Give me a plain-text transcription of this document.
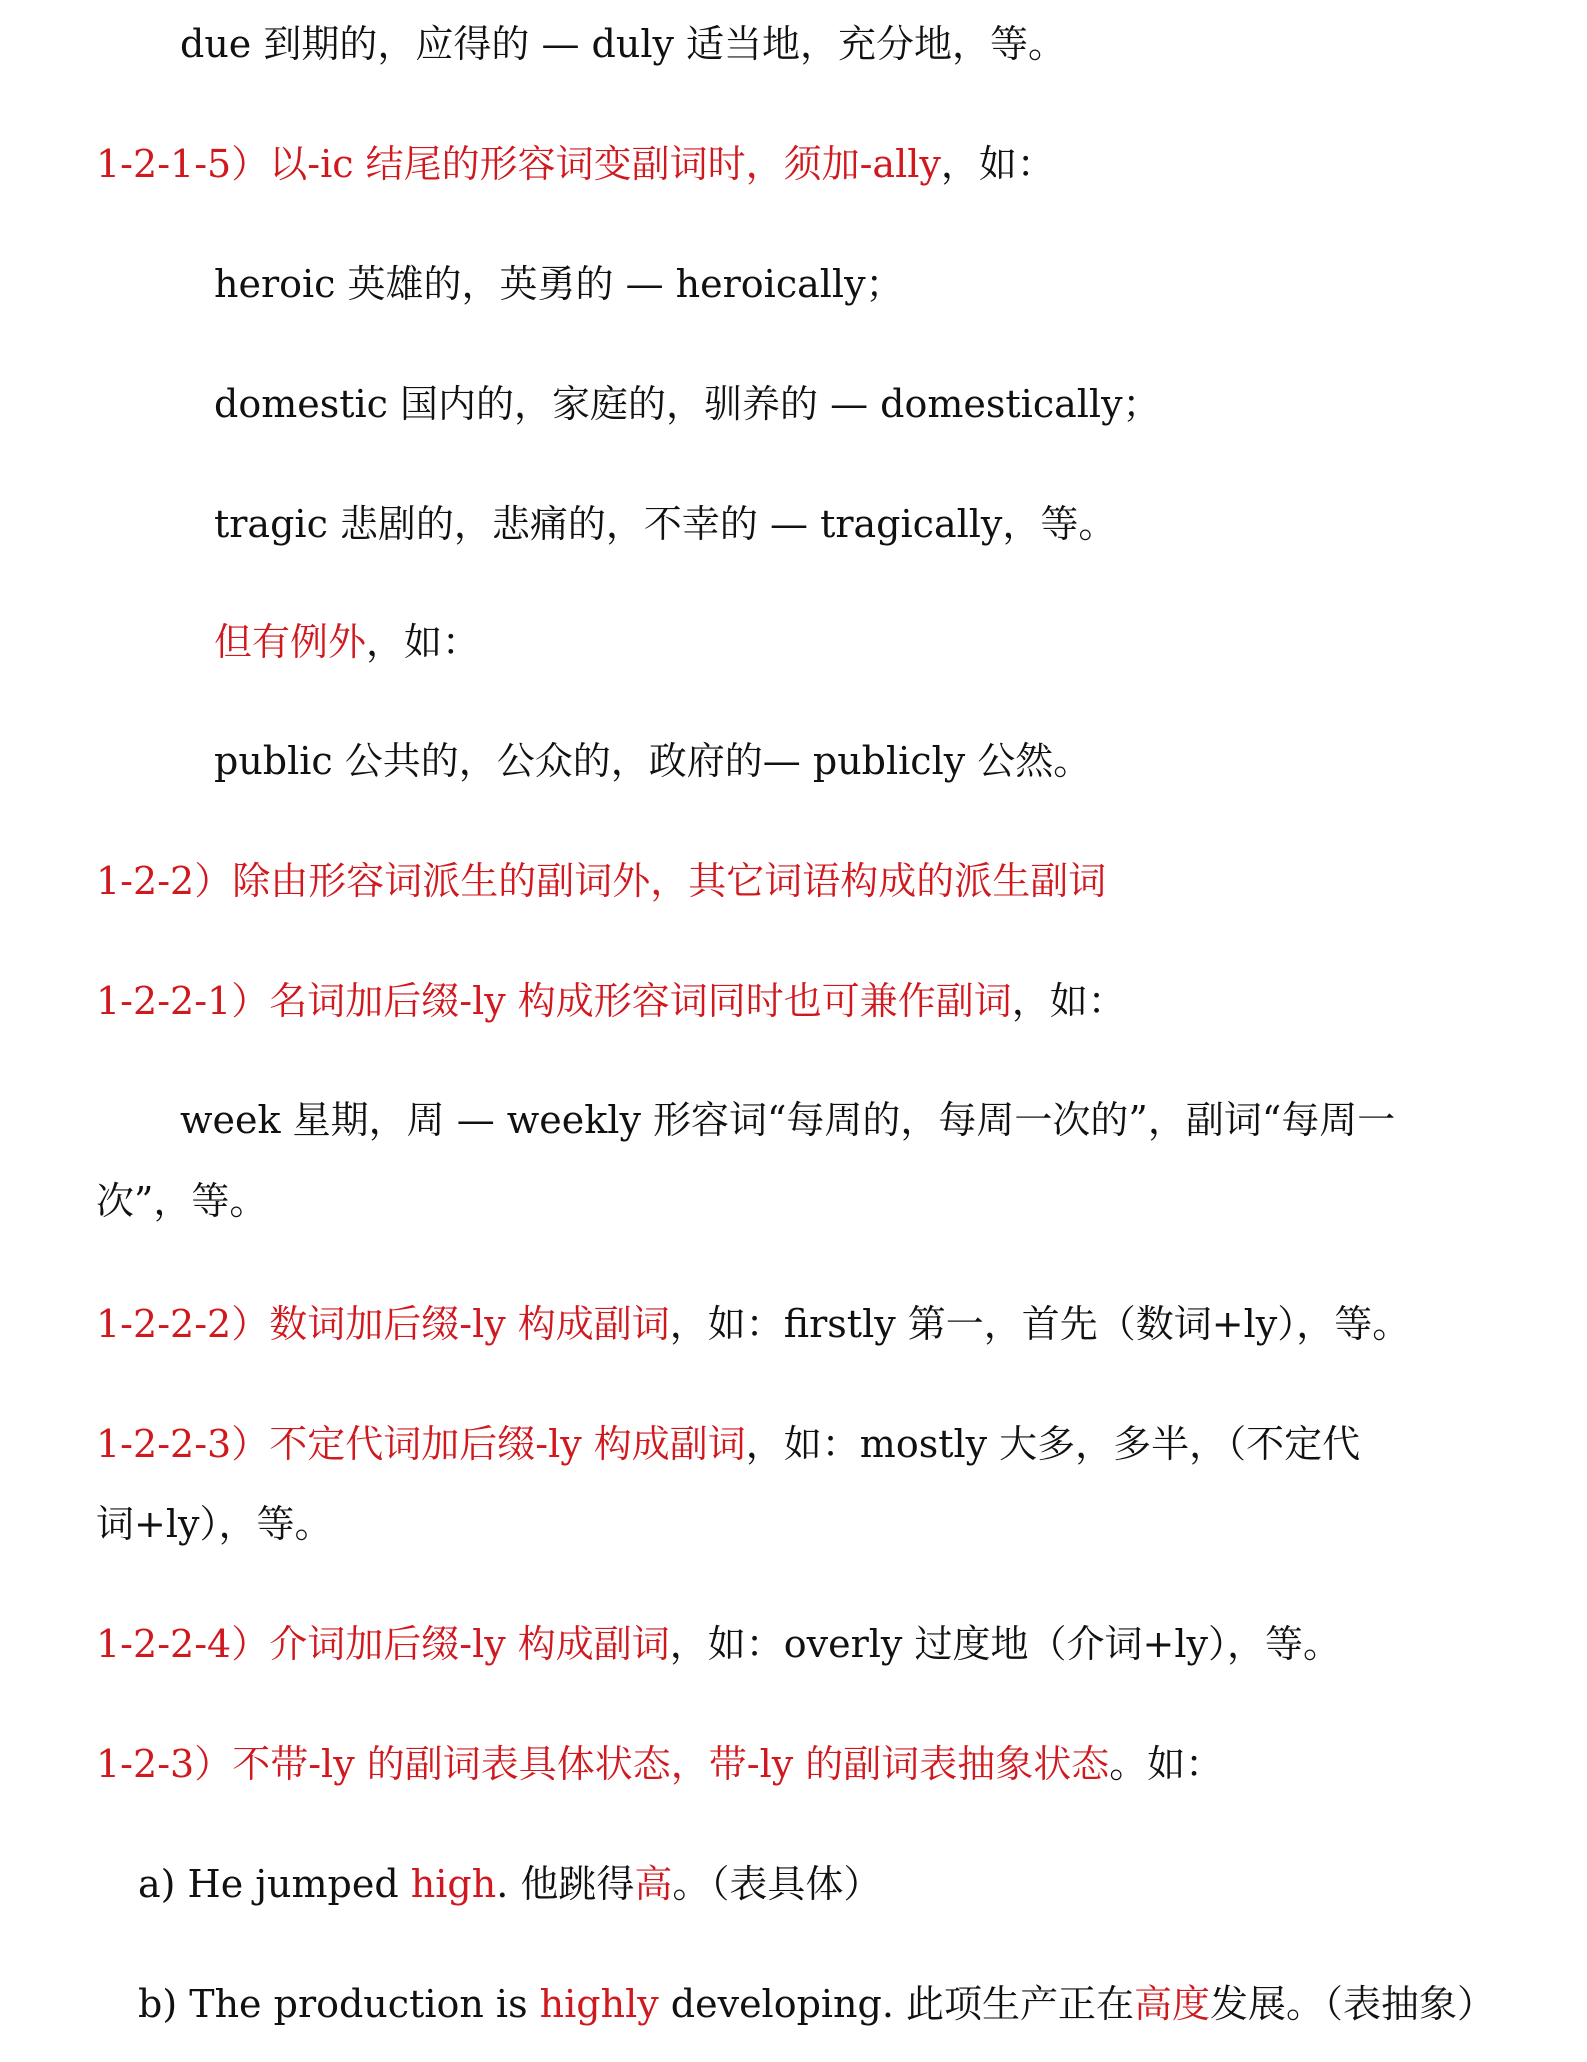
due 到期的，应得的 — duly 适当地，充分地，等。
1-2-1-5）以-ic 结尾的形容词变副词时，须加-ally，如：
heroic 英雄的，英勇的 — heroically；
domestic 国内的，家庭的，驯养的 — domestically；
tragic 悲剧的，悲痛的，不幸的 — tragically，等。
但有例外，如：
public 公共的，公众的，政府的— publicly 公然。
1-2-2）除由形容词派生的副词外，其它词语构成的派生副词
1-2-2-1）名词加后缀-ly 构成形容词同时也可兼作副词，如：
week 星期，周 — weekly 形容词“每周的，每周一次的”，副词“每周一
次”，等。
1-2-2-2）数词加后缀-ly 构成副词，如：firstly 第一，首先（数词+ly），等。
1-2-2-3）不定代词加后缀-ly 构成副词，如：mostly 大多，多半，（不定代
词+ly），等。
1-2-2-4）介词加后缀-ly 构成副词，如：overly 过度地（介词+ly），等。
1-2-3）不带-ly 的副词表具体状态，带-ly 的副词表抽象状态。如：
a) He jumped high. 他跳得高。（表具体）
b) The production is highly developing. 此项生产正在高度发展。（表抽象）
